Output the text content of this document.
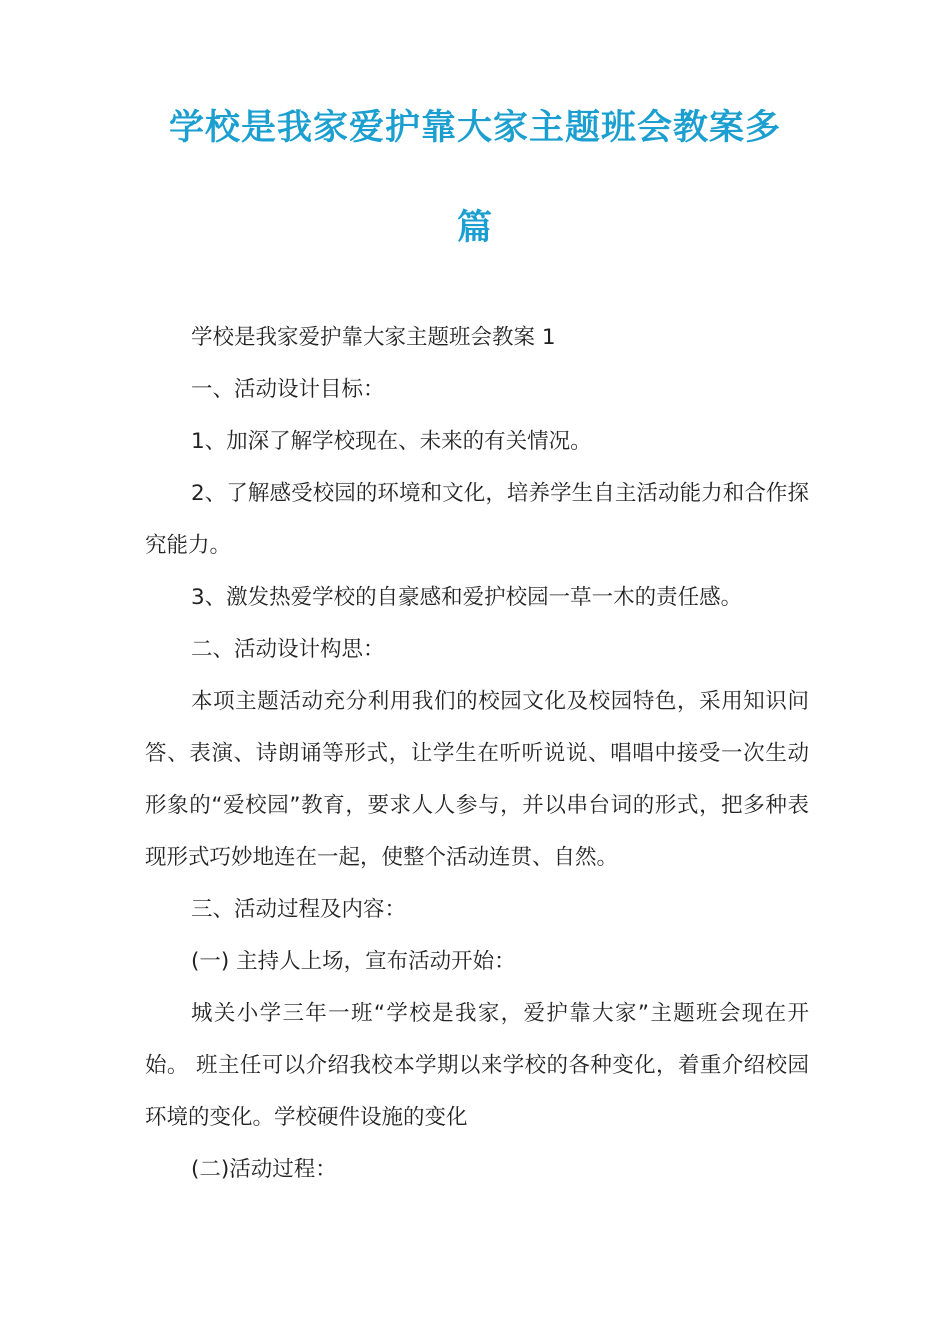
学校是我家爱护靠大家主题班会教案多
篇

学校是我家爱护靠大家主题班会教案 1

一、活动设计目标：

1、加深了解学校现在、未来的有关情况。

2、了解感受校园的环境和文化，培养学生自主活动能力和合作探究能力。

3、激发热爱学校的自豪感和爱护校园一草一木的责任感。

二、活动设计构思：

本项主题活动充分利用我们的校园文化及校园特色，采用知识问答、表演、诗朗诵等形式，让学生在听听说说、唱唱中接受一次生动形象的“爱校园”教育，要求人人参与，并以串台词的形式，把多种表现形式巧妙地连在一起，使整个活动连贯、自然。

三、活动过程及内容：

(一) 主持人上场，宣布活动开始：

城关小学三年一班“学校是我家，爱护靠大家”主题班会现在开始。 班主任可以介绍我校本学期以来学校的各种变化，着重介绍校园环境的变化。学校硬件设施的变化

(二)活动过程：
